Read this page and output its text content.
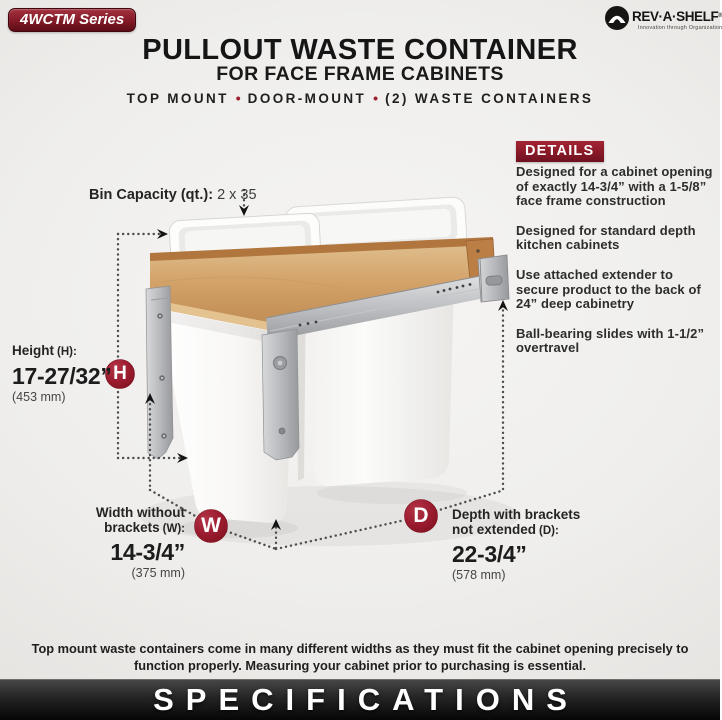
4WCTM Series	REV·A·SHELF®
Innovation through Organization
PULLOUT WASTE CONTAINER
FOR FACE FRAME CABINETS
TOP MOUNT • DOOR-MOUNT • (2) WASTE CONTAINERS
DETAILS

Designed for a cabinet opening of exactly 14-3/4” with a 1-5/8” face frame construction

Designed for standard depth kitchen cabinets

Use attached extender to secure product to the back of 24” deep cabinetry

Ball-bearing slides with 1-1/2” overtravel

Bin Capacity (qt.): 2 x 35
Height (H):
17-27/32”
(453 mm)
Width without
brackets (W):
14-3/4”
(375 mm)
Depth with brackets
not extended (D):
22-3/4”
(578 mm)
H
W	D
Top mount waste containers come in many different widths as they must fit the cabinet opening precisely to
function properly. Measuring your cabinet prior to purchasing is essential.
SPECIFICATIONS
